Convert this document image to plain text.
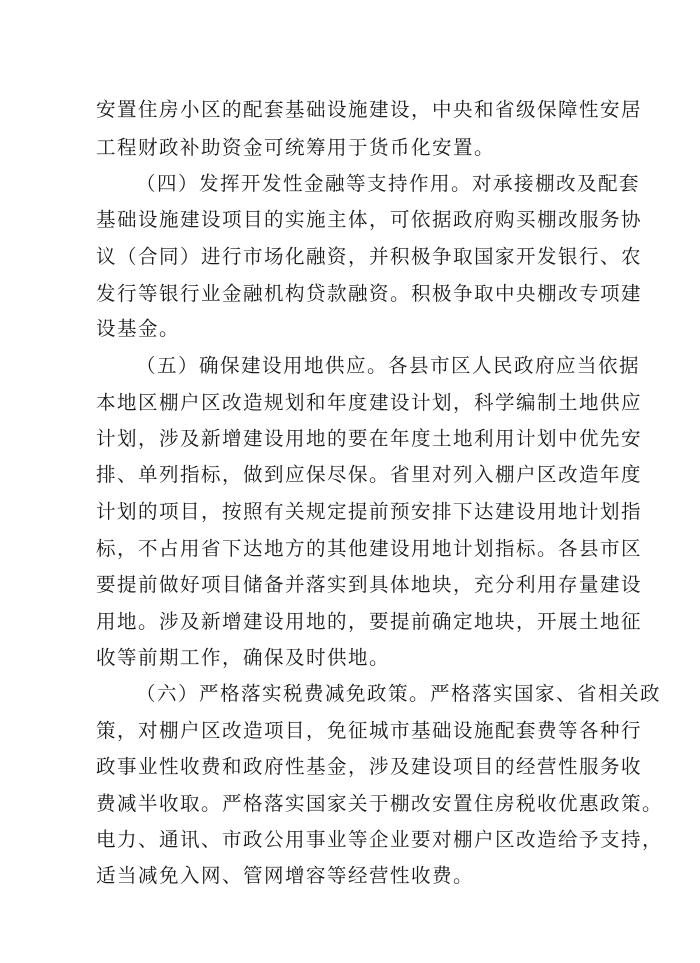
安置住房小区的配套基础设施建设，中央和省级保障性安居
工程财政补助资金可统筹用于货币化安置。
（四）发挥开发性金融等支持作用。对承接棚改及配套
基础设施建设项目的实施主体，可依据政府购买棚改服务协
议（合同）进行市场化融资，并积极争取国家开发银行、农
发行等银行业金融机构贷款融资。积极争取中央棚改专项建
设基金。
（五）确保建设用地供应。各县市区人民政府应当依据
本地区棚户区改造规划和年度建设计划，科学编制土地供应
计划，涉及新增建设用地的要在年度土地利用计划中优先安
排、单列指标，做到应保尽保。省里对列入棚户区改造年度
计划的项目，按照有关规定提前预安排下达建设用地计划指
标，不占用省下达地方的其他建设用地计划指标。各县市区
要提前做好项目储备并落实到具体地块，充分利用存量建设
用地。涉及新增建设用地的，要提前确定地块，开展土地征
收等前期工作，确保及时供地。
（六）严格落实税费减免政策。严格落实国家、省相关政
策，对棚户区改造项目，免征城市基础设施配套费等各种行
政事业性收费和政府性基金，涉及建设项目的经营性服务收
费减半收取。严格落实国家关于棚改安置住房税收优惠政策。
电力、通讯、市政公用事业等企业要对棚户区改造给予支持，
适当减免入网、管网增容等经营性收费。
